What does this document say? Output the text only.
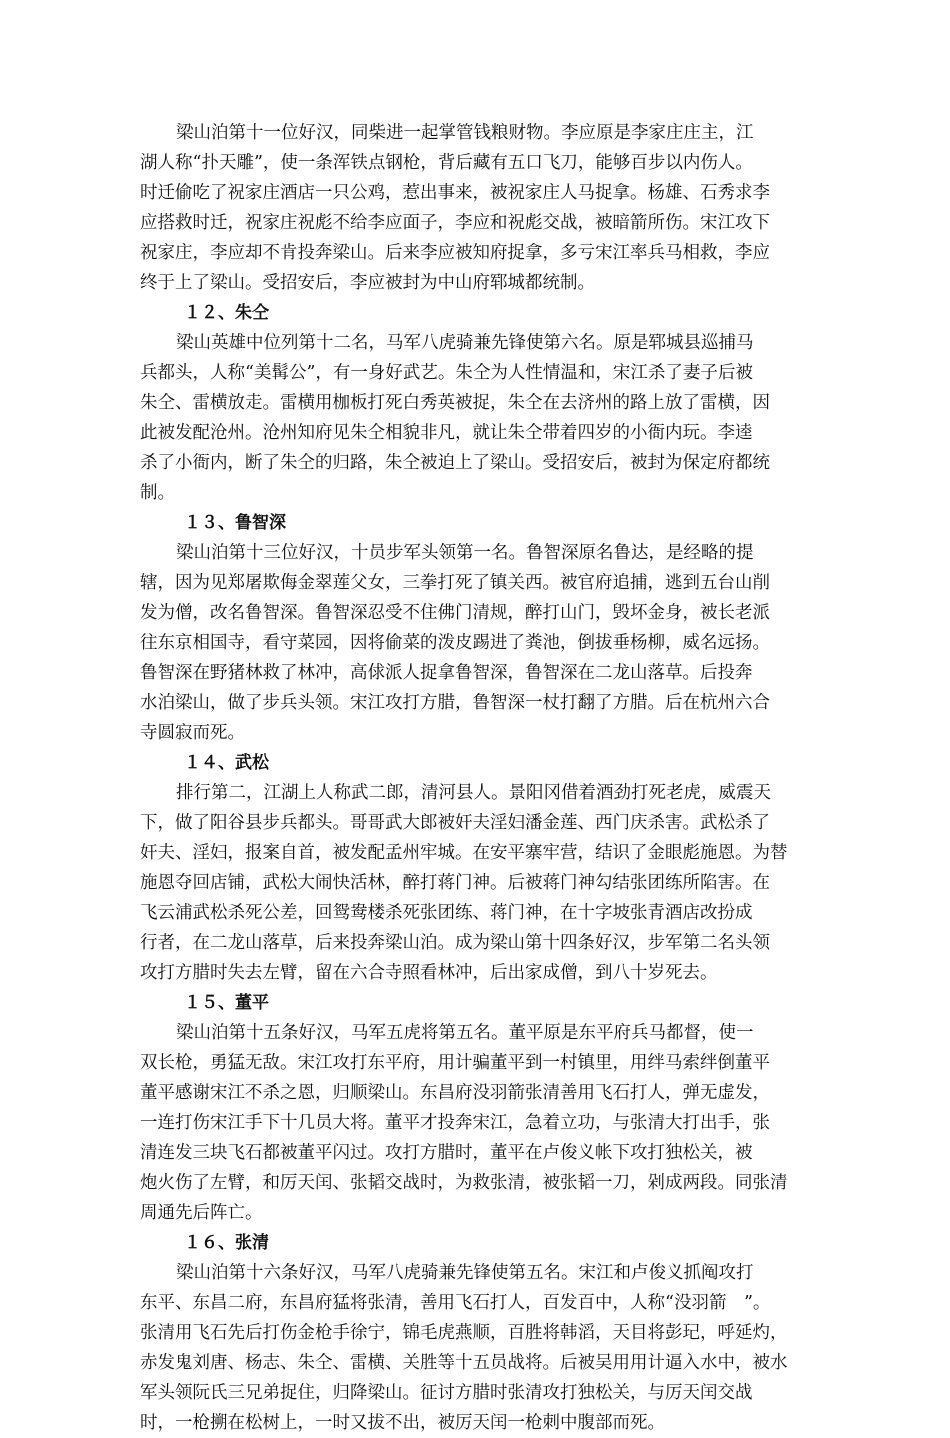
梁山泊第十一位好汉，同柴进一起掌管钱粮财物。李应原是李家庄庄主，江
湖人称“扑天雕”，使一条浑铁点钢枪，背后藏有五口飞刀，能够百步以内伤人。
时迁偷吃了祝家庄酒店一只公鸡，惹出事来，被祝家庄人马捉拿。杨雄、石秀求李
应搭救时迁，祝家庄祝彪不给李应面子，李应和祝彪交战，被暗箭所伤。宋江攻下
祝家庄，李应却不肯投奔梁山。后来李应被知府捉拿，多亏宋江率兵马相救，李应
终于上了梁山。受招安后，李应被封为中山府郓城都统制。
１２、朱仝
梁山英雄中位列第十二名，马军八虎骑兼先锋使第六名。原是郓城县巡捕马
兵都头，人称“美髯公”，有一身好武艺。朱仝为人性情温和，宋江杀了妻子后被
朱仝、雷横放走。雷横用枷板打死白秀英被捉，朱仝在去济州的路上放了雷横，因
此被发配沧州。沧州知府见朱仝相貌非凡，就让朱仝带着四岁的小衙内玩。李逵
杀了小衙内，断了朱仝的归路，朱仝被迫上了梁山。受招安后，被封为保定府都统
制。
１３、鲁智深
梁山泊第十三位好汉，十员步军头领第一名。鲁智深原名鲁达，是经略的提
辖，因为见郑屠欺侮金翠莲父女，三拳打死了镇关西。被官府追捕，逃到五台山削
发为僧，改名鲁智深。鲁智深忍受不住佛门清规，醉打山门，毁坏金身，被长老派
往东京相国寺，看守菜园，因将偷菜的泼皮踢进了粪池，倒拔垂杨柳，威名远扬。
鲁智深在野猪林救了林冲，高俅派人捉拿鲁智深，鲁智深在二龙山落草。后投奔
水泊梁山，做了步兵头领。宋江攻打方腊，鲁智深一杖打翻了方腊。后在杭州六合
寺圆寂而死。
１４、武松
排行第二，江湖上人称武二郎，清河县人。景阳冈借着酒劲打死老虎，威震天
下，做了阳谷县步兵都头。哥哥武大郎被奸夫淫妇潘金莲、西门庆杀害。武松杀了
奸夫、淫妇，报案自首，被发配孟州牢城。在安平寨牢营，结识了金眼彪施恩。为替
施恩夺回店铺，武松大闹快活林，醉打蒋门神。后被蒋门神勾结张团练所陷害。在
飞云浦武松杀死公差，回鸳鸯楼杀死张团练、蒋门神，在十字坡张青酒店改扮成
行者，在二龙山落草，后来投奔梁山泊。成为梁山第十四条好汉，步军第二名头领
攻打方腊时失去左臂，留在六合寺照看林冲，后出家成僧，到八十岁死去。
１５、董平
梁山泊第十五条好汉，马军五虎将第五名。董平原是东平府兵马都督，使一
双长枪，勇猛无敌。宋江攻打东平府，用计骗董平到一村镇里，用绊马索绊倒董平
董平感谢宋江不杀之恩，归顺梁山。东昌府没羽箭张清善用飞石打人，弹无虚发，
一连打伤宋江手下十几员大将。董平才投奔宋江，急着立功，与张清大打出手，张
清连发三块飞石都被董平闪过。攻打方腊时，董平在卢俊义帐下攻打独松关，被
炮火伤了左臂，和厉天闰、张韬交战时，为救张清，被张韬一刀，剁成两段。同张清
周通先后阵亡。
１６、张清
梁山泊第十六条好汉，马军八虎骑兼先锋使第五名。宋江和卢俊义抓阄攻打
东平、东昌二府，东昌府猛将张清，善用飞石打人，百发百中，人称“没羽箭　”。
张清用飞石先后打伤金枪手徐宁，锦毛虎燕顺，百胜将韩滔，天目将彭玘，呼延灼，
赤发鬼刘唐、杨志、朱仝、雷横、关胜等十五员战将。后被吴用用计逼入水中，被水
军头领阮氏三兄弟捉住，归降梁山。征讨方腊时张清攻打独松关，与厉天闰交战
时，一枪搠在松树上，一时又拔不出，被厉天闰一枪刺中腹部而死。
